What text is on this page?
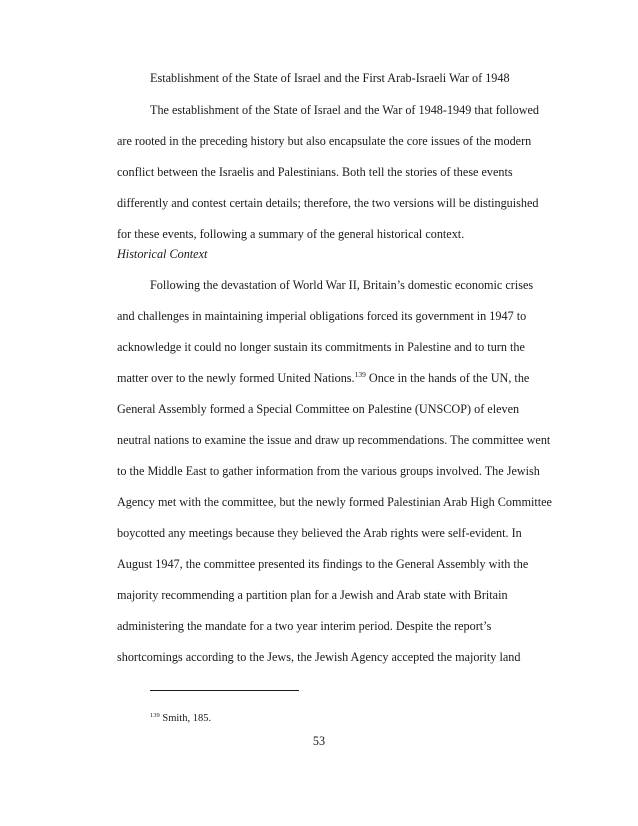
Establishment of the State of Israel and the First Arab-Israeli War of 1948
The establishment of the State of Israel and the War of 1948-1949 that followed
are rooted in the preceding history but also encapsulate the core issues of the modern
conflict between the Israelis and Palestinians. Both tell the stories of these events
differently and contest certain details; therefore, the two versions will be distinguished
for these events, following a summary of the general historical context.
Historical Context
Following the devastation of World War II, Britain’s domestic economic crises
and challenges in maintaining imperial obligations forced its government in 1947 to
acknowledge it could no longer sustain its commitments in Palestine and to turn the
matter over to the newly formed United Nations.$^{139}$ Once in the hands of the UN, the
General Assembly formed a Special Committee on Palestine (UNSCOP) of eleven
neutral nations to examine the issue and draw up recommendations. The committee went
to the Middle East to gather information from the various groups involved. The Jewish
Agency met with the committee, but the newly formed Palestinian Arab High Committee
boycotted any meetings because they believed the Arab rights were self-evident. In
August 1947, the committee presented its findings to the General Assembly with the
majority recommending a partition plan for a Jewish and Arab state with Britain
administering the mandate for a two year interim period. Despite the report’s
shortcomings according to the Jews, the Jewish Agency accepted the majority land
$^{139}$ Smith, 185.
53
